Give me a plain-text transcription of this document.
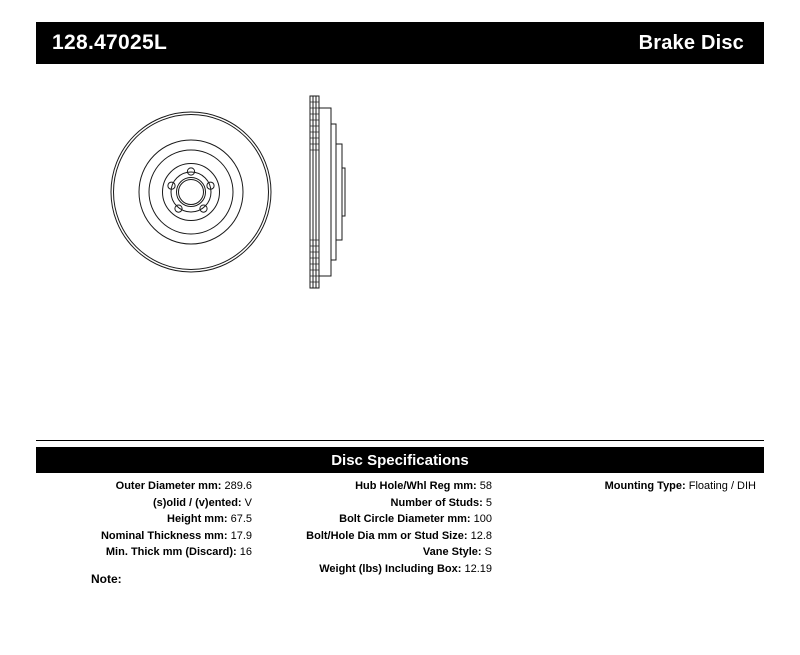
128.47025L	Brake Disc
Disc Specifications
Outer Diameter mm: 289.6
(s)olid / (v)ented: V
Height mm: 67.5
Nominal Thickness mm: 17.9
Min. Thick mm (Discard): 16
Hub Hole/Whl Reg mm: 58
Number of Studs: 5
Bolt Circle Diameter mm: 100
Bolt/Hole Dia mm or Stud Size: 12.8
Vane Style: S
Weight (lbs) Including Box: 12.19
Mounting Type: Floating / DIH
Note:
